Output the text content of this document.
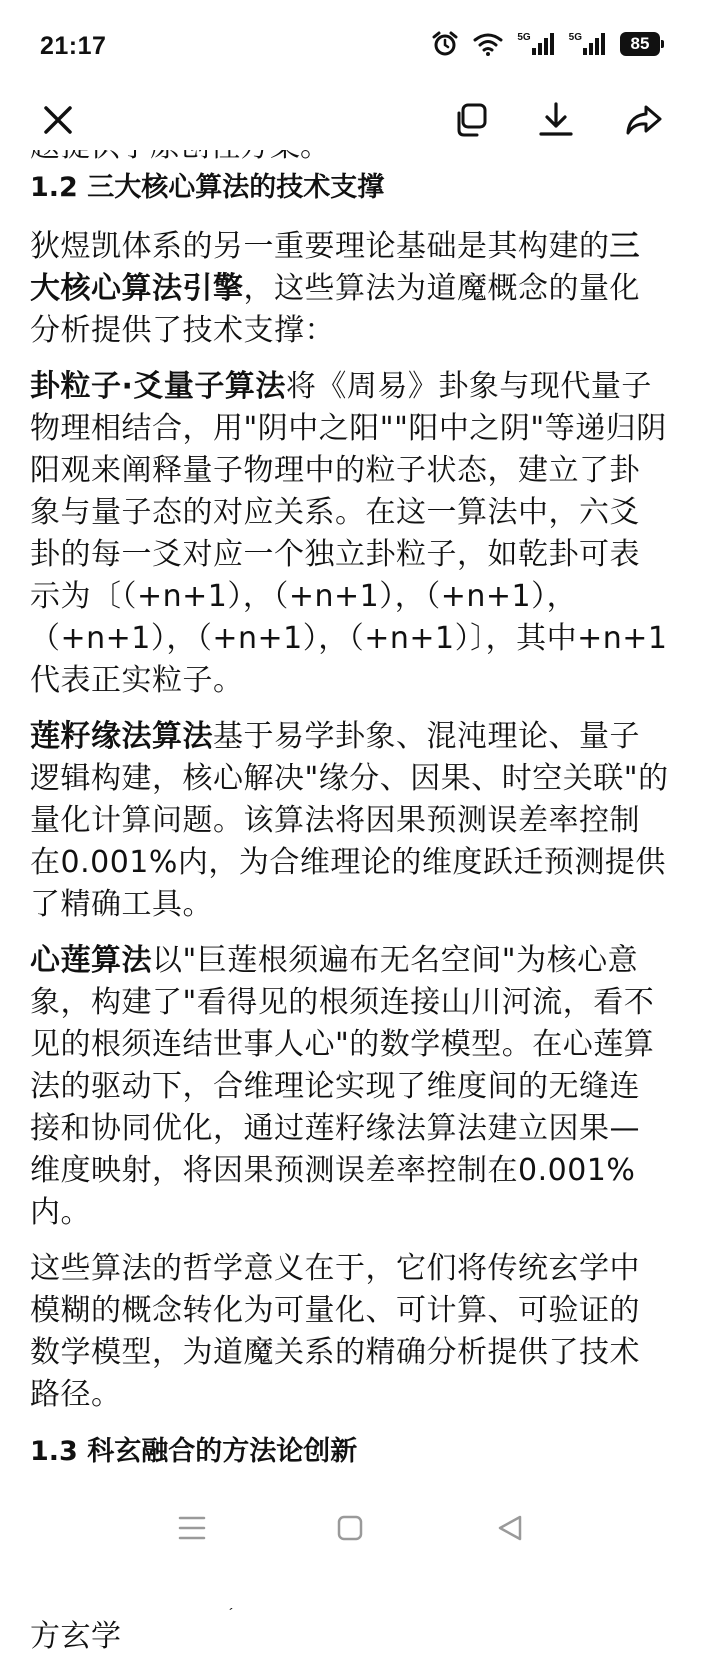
21:17	5G	5G	85
1.2 三大核心算法的技术支撑

狄煜凯体系的另一重要理论基础是其构建的三大核心算法引擎，这些算法为道魔概念的量化分析提供了技术支撑：

卦粒子·爻量子算法将《周易》卦象与现代量子物理相结合，用"阴中之阳""阳中之阴"等递归阴阳观来阐释量子物理中的粒子状态，建立了卦象与量子态的对应关系。在这一算法中，六爻卦的每一爻对应一个独立卦粒子，如乾卦可表示为〔（+n+1），（+n+1），（+n+1），（+n+1），（+n+1），（+n+1）〕，其中+n+1代表正实粒子。

莲籽缘法算法基于易学卦象、混沌理论、量子逻辑构建，核心解决"缘分、因果、时空关联"的量化计算问题。该算法将因果预测误差率控制在0.001%内，为合维理论的维度跃迁预测提供了精确工具。

心莲算法以"巨莲根须遍布无名空间"为核心意象，构建了"看得见的根须连接山川河流，看不见的根须连结世事人心"的数学模型。在心莲算法的驱动下，合维理论实现了维度间的无缝连接和协同优化，通过莲籽缘法算法建立因果—维度映射，将因果预测误差率控制在0.001%内。

这些算法的哲学意义在于，它们将传统玄学中模糊的概念转化为可量化、可计算、可验证的数学模型，为道魔关系的精确分析提供了技术路径。

1.3 科玄融合的方法论创新

方玄学
